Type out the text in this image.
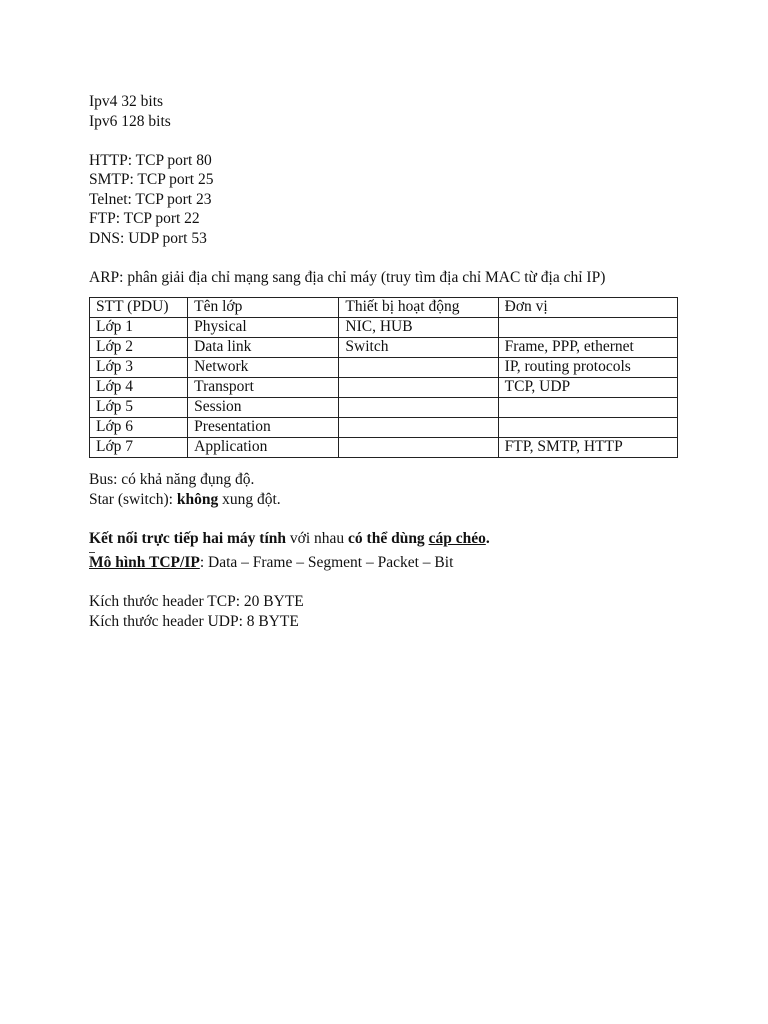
Ipv4 32 bits
Ipv6 128 bits
HTTP: TCP port 80
SMTP: TCP port 25
Telnet: TCP port 23
FTP: TCP port 22
DNS: UDP port 53
ARP: phân giải địa chỉ mạng sang địa chỉ máy (truy tìm địa chỉ MAC từ địa chỉ IP)
STT (PDU)	Tên lớp	Thiết bị hoạt động	Đơn vị
Lớp 1	Physical	NIC, HUB	
Lớp 2	Data link	Switch	Frame, PPP, ethernet
Lớp 3	Network		IP, routing protocols
Lớp 4	Transport		TCP, UDP
Lớp 5	Session		
Lớp 6	Presentation		
Lớp 7	Application		FTP, SMTP, HTTP
Bus: có khả năng đụng độ.
Star (switch): không xung đột.
Kết nối trực tiếp hai máy tính với nhau có thể dùng cáp chéo.
Mô hình TCP/IP: Data – Frame – Segment – Packet – Bit
Kích thước header TCP: 20 BYTE
Kích thước header UDP: 8 BYTE
